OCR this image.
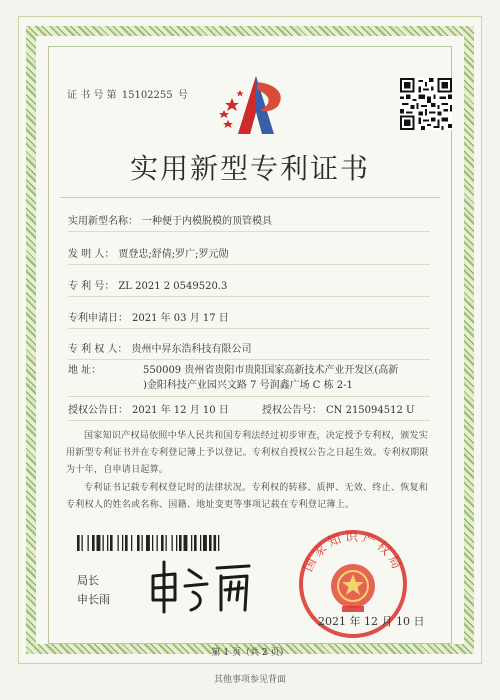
证 书 号 第 15102255 号
实用新型专利证书
实用新型名称： 一种便于内模脱模的顶管模具
发 明 人： 贾登忠;舒倩;罗广;罗元勋
专 利 号： ZL 2021 2 0549520.3
专利申请日： 2021 年 03 月 17 日
专 利 权 人： 贵州中昇东浩科技有限公司
地 址：	550009 贵州省贵阳市贵阳国家高新技术产业开发区(高新
)金阳科技产业园兴文路 7 号润鑫广场 C 栋 2-1
授权公告日： 2021 年 12 月 10 日	授权公告号： CN 215094512 U
国家知识产权局依照中华人民共和国专利法经过初步审查，决定授予专利权，颁发实用新型专利证书并在专利登记簿上予以登记。专利权自授权公告之日起生效。专利权期限为十年，自申请日起算。
专利证书记载专利权登记时的法律状况。专利权的转移、质押、无效、终止、恢复和专利权人的姓名或名称、国籍、地址变更等事项记载在专利登记簿上。
局长
申长雨
国家知识产权局
2021 年 12 月 10 日
第 1 页（共 2 页）
其他事项参见背面
